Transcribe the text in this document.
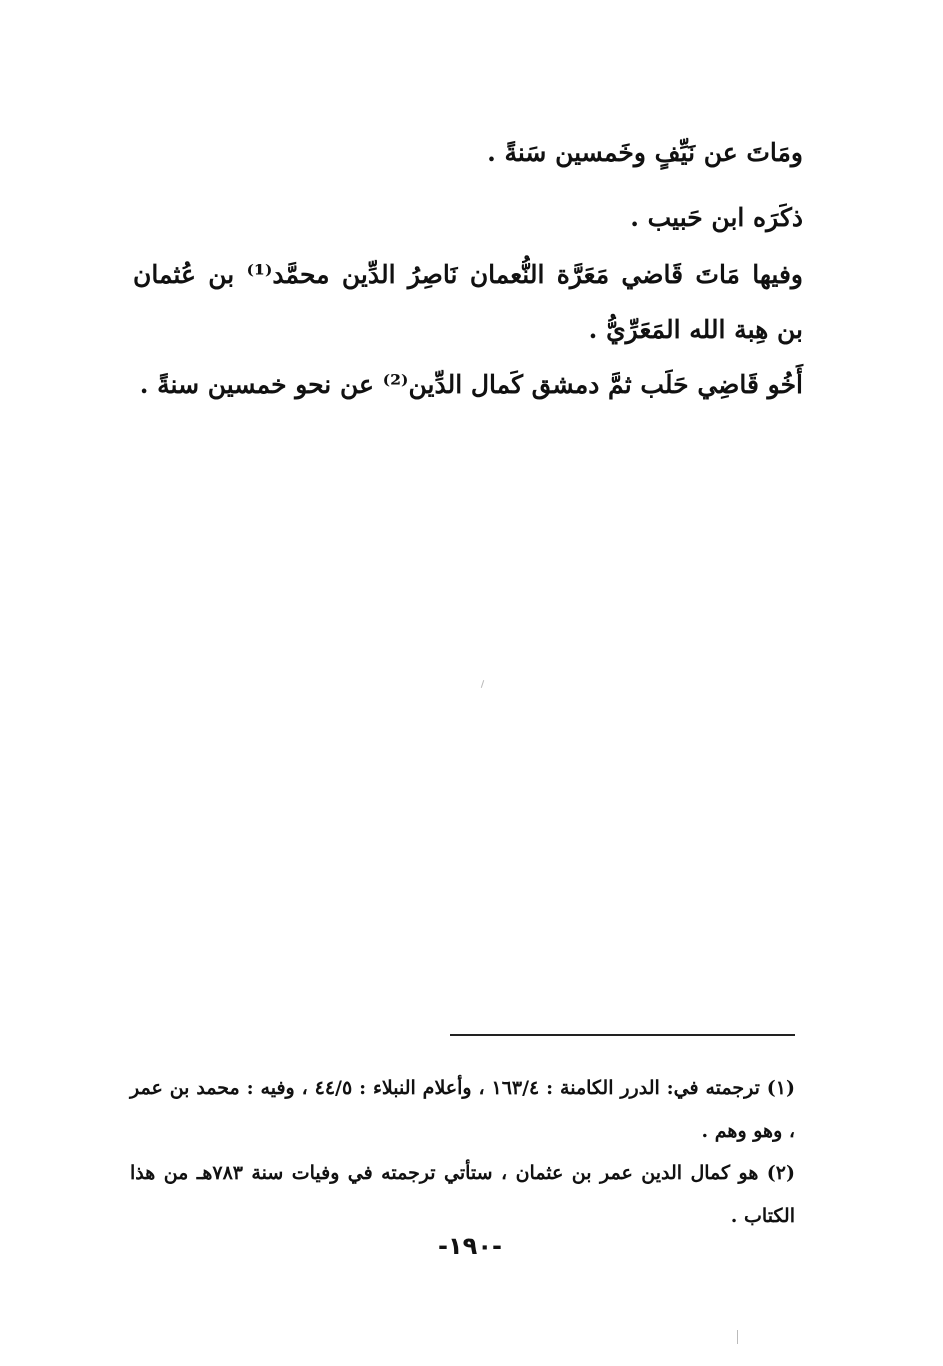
ومَاتَ عن نَيِّفٍ وخَمسين سَنةً .

ذكَرَه ابن حَبيب .

وفيها مَاتَ قَاضي مَعَرَّة النُّعمان نَاصِرُ الدِّين محمَّد⁽¹⁾ بن عُثمان بن هِبة الله المَعَرِّيُّ .

أَخُو قَاضِي حَلَب ثمَّ دمشق كَمال الدِّين⁽²⁾ عن نحو خمسين سنةً .

(١) ترجمته في: الدرر الكامنة : ١٦٣/٤ ، وأعلام النبلاء : ٤٤/٥ ، وفيه : محمد بن عمر ، وهو وهم .

(٢) هو كمال الدين عمر بن عثمان ، ستأتي ترجمته في وفيات سنة ٧٨٣هـ من هذا الكتاب .

-١٩٠-
